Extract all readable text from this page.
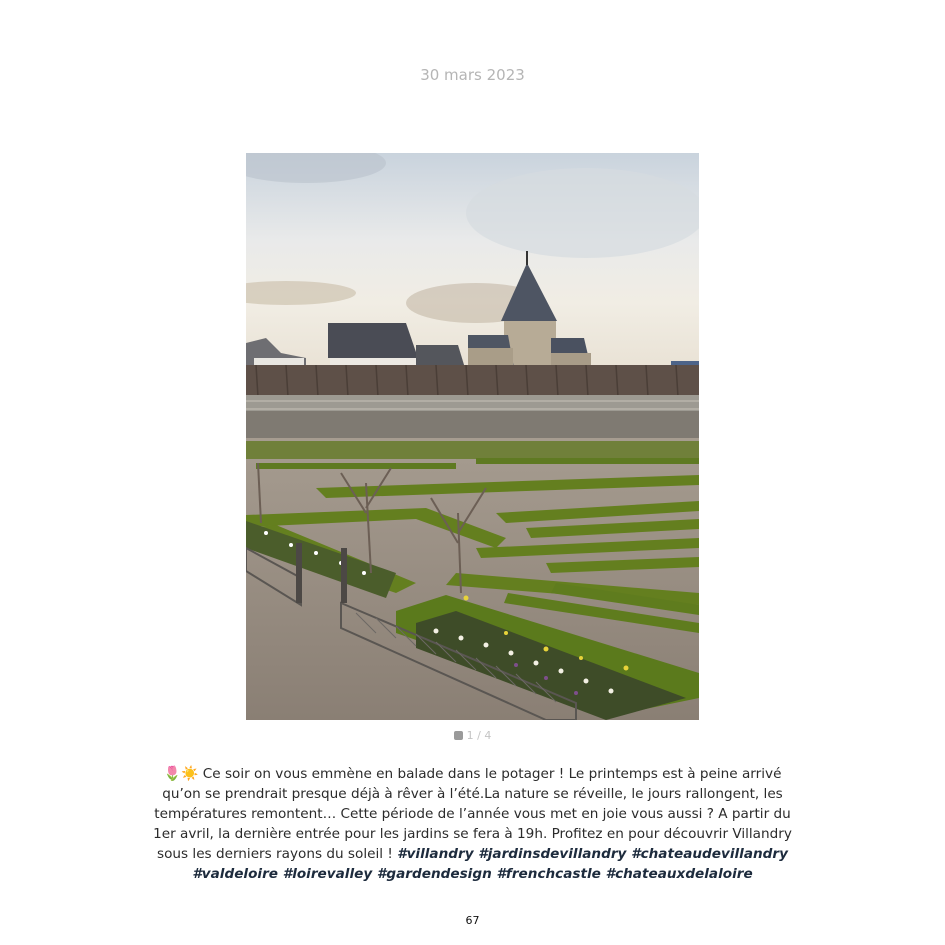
30 mars 2023
1 / 4
🌷☀️ Ce soir on vous emmène en balade dans le potager ! Le printemps est à peine arrivé qu’on se prendrait presque déjà à rêver à l’été.La nature se réveille, le jours rallongent, les températures remontent… Cette période de l’année vous met en joie vous aussi ? A partir du 1er avril, la dernière entrée pour les jardins se fera à 19h. Profitez en pour découvrir Villandry sous les derniers rayons du soleil ! #villandry #jardinsdevillandry #chateaudevillandry #valdeloire #loirevalley #gardendesign #frenchcastle #chateauxdelaloire
67
